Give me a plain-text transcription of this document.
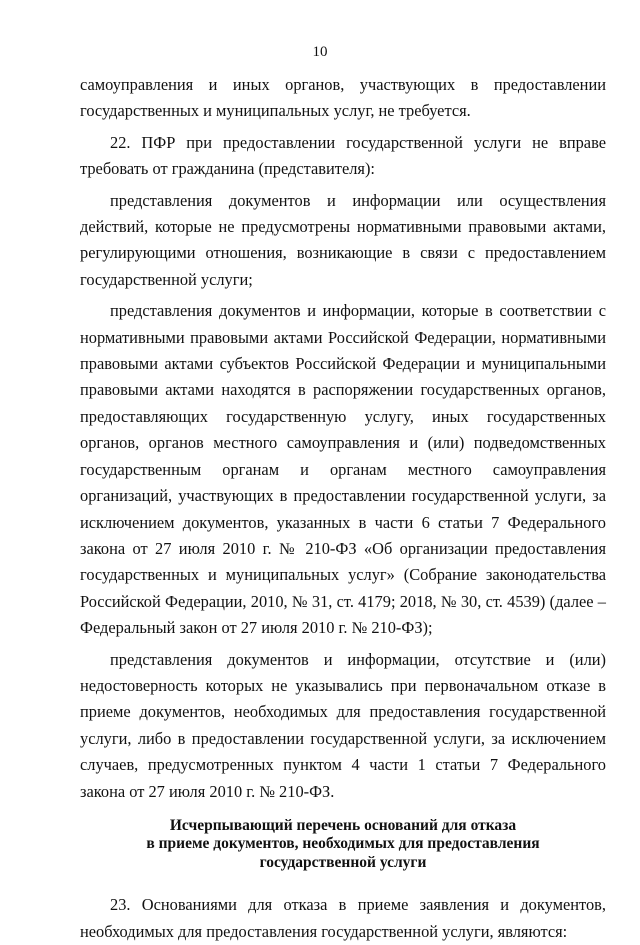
10

самоуправления и иных органов, участвующих в предоставлении государственных и муниципальных услуг, не требуется.

22. ПФР при предоставлении государственной услуги не вправе требовать от гражданина (представителя):

представления документов и информации или осуществления действий, которые не предусмотрены нормативными правовыми актами, регулирующими отношения, возникающие в связи с предоставлением государственной услуги;

представления документов и информации, которые в соответствии с нормативными правовыми актами Российской Федерации, нормативными правовыми актами субъектов Российской Федерации и муниципальными правовыми актами находятся в распоряжении государственных органов, предоставляющих государственную услугу, иных государственных органов, органов местного самоуправления и (или) подведомственных государственным органам и органам местного самоуправления организаций, участвующих в предоставлении государственной услуги, за исключением документов, указанных в части 6 статьи 7 Федерального закона от 27 июля 2010 г. № 210-ФЗ «Об организации предоставления государственных и муниципальных услуг» (Собрание законодательства Российской Федерации, 2010, № 31, ст. 4179; 2018, № 30, ст. 4539) (далее – Федеральный закон от 27 июля 2010 г. № 210-ФЗ);

представления документов и информации, отсутствие и (или) недостоверность которых не указывались при первоначальном отказе в приеме документов, необходимых для предоставления государственной услуги, либо в предоставлении государственной услуги, за исключением случаев, предусмотренных пунктом 4 части 1 статьи 7 Федерального закона от 27 июля 2010 г. № 210-ФЗ.

Исчерпывающий перечень оснований для отказа
в приеме документов, необходимых для предоставления
государственной услуги

23. Основаниями для отказа в приеме заявления и документов, необходимых для предоставления государственной услуги, являются:
